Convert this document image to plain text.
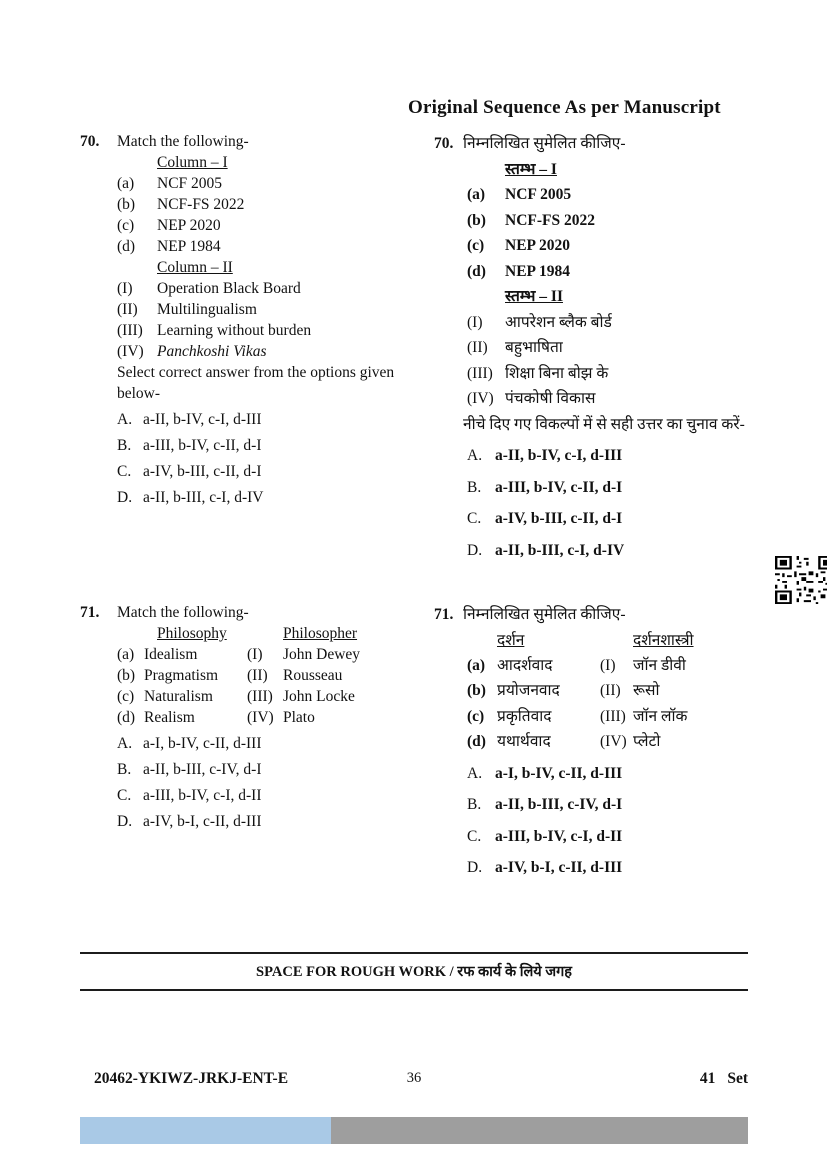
Original Sequence As per Manuscript
70.	Match the following-
Column – I
(a)	NCF 2005
(b)	NCF-FS 2022
(c)	NEP 2020
(d)	NEP 1984
Column – II
(I)	Operation Black Board
(II)	Multilingualism
(III) Learning without burden
(IV) Panchkoshi Vikas
Select correct answer from the options given below-
A. a-II, b-IV, c-I, d-III
B. a-III, b-IV, c-II, d-I
C. a-IV, b-III, c-II, d-I
D. a-II, b-III, c-I, d-IV
70. निम्नलिखित सुमेलित कीजिए-
स्तम्भ – I
(a)	NCF 2005
(b)	NCF-FS 2022
(c)	NEP 2020
(d)	NEP 1984
स्तम्भ – II
(I)	आपरेशन ब्लैक बोर्ड
(II)	बहुभाषिता
(III) शिक्षा बिना बोझ के
(IV) पंचकोषी विकास
नीचे दिए गए विकल्पों में से सही उत्तर का चुनाव करें-
A. a-II, b-IV, c-I, d-III
B. a-III, b-IV, c-II, d-I
C. a-IV, b-III, c-II, d-I
D. a-II, b-III, c-I, d-IV
71.	Match the following-
Philosophy	Philosopher
(a) Idealism	(I)	John Dewey
(b) Pragmatism	(II) Rousseau
(c) Naturalism	(III) John Locke
(d) Realism	(IV) Plato
A. a-I, b-IV, c-II, d-III
B. a-II, b-III, c-IV, d-I
C. a-III, b-IV, c-I, d-II
D. a-IV, b-I, c-II, d-III
71. निम्नलिखित सुमेलित कीजिए-
दर्शन	दर्शनशास्त्री
(a) आदर्शवाद	(I)	जॉन डीवी
(b) प्रयोजनवाद	(II) रूसो
(c) प्रकृतिवाद	(III) जॉन लॉक
(d) यथार्थवाद	(IV) प्लेटो
A. a-I, b-IV, c-II, d-III
B. a-II, b-III, c-IV, d-I
C. a-III, b-IV, c-I, d-II
D. a-IV, b-I, c-II, d-III
SPACE FOR ROUGH WORK / रफ कार्य के लिये जगह
20462-YKIWZ-JRKJ-ENT-E	36	41 Set
